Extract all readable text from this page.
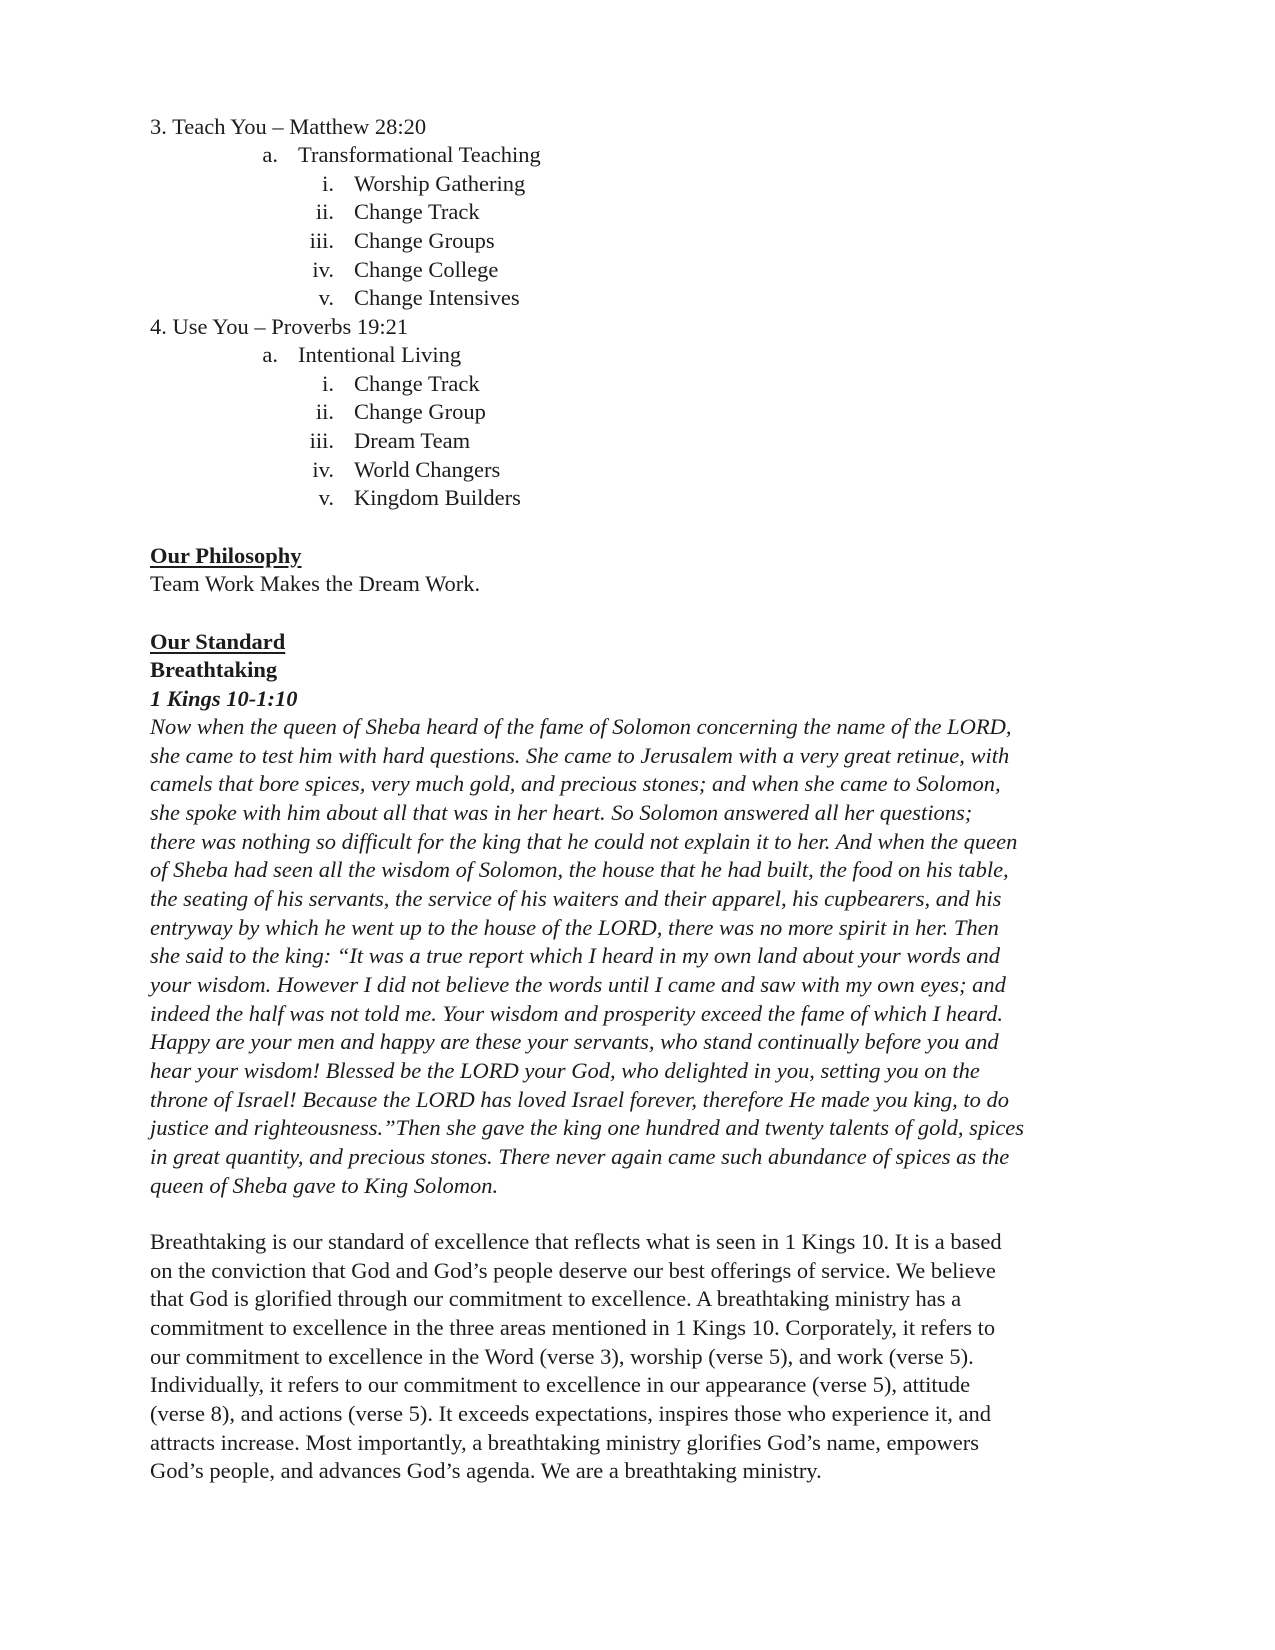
3. Teach You – Matthew 28:20
a. Transformational Teaching
i. Worship Gathering
ii. Change Track
iii. Change Groups
iv. Change College
v. Change Intensives
4. Use You – Proverbs 19:21
a. Intentional Living
i. Change Track
ii. Change Group
iii. Dream Team
iv. World Changers
v. Kingdom Builders
Our Philosophy
Team Work Makes the Dream Work.
Our Standard
Breathtaking
1 Kings 10-1:10
Now when the queen of Sheba heard of the fame of Solomon concerning the name of the LORD,
she came to test him with hard questions. She came to Jerusalem with a very great retinue, with
camels that bore spices, very much gold, and precious stones; and when she came to Solomon,
she spoke with him about all that was in her heart. So Solomon answered all her questions;
there was nothing so difficult for the king that he could not explain it to her. And when the queen
of Sheba had seen all the wisdom of Solomon, the house that he had built, the food on his table,
the seating of his servants, the service of his waiters and their apparel, his cupbearers, and his
entryway by which he went up to the house of the LORD, there was no more spirit in her. Then
she said to the king: “It was a true report which I heard in my own land about your words and
your wisdom. However I did not believe the words until I came and saw with my own eyes; and
indeed the half was not told me. Your wisdom and prosperity exceed the fame of which I heard.
Happy are your men and happy are these your servants, who stand continually before you and
hear your wisdom! Blessed be the LORD your God, who delighted in you, setting you on the
throne of Israel! Because the LORD has loved Israel forever, therefore He made you king, to do
justice and righteousness.”Then she gave the king one hundred and twenty talents of gold, spices
in great quantity, and precious stones. There never again came such abundance of spices as the
queen of Sheba gave to King Solomon.
Breathtaking is our standard of excellence that reflects what is seen in 1 Kings 10. It is a based
on the conviction that God and God’s people deserve our best offerings of service. We believe
that God is glorified through our commitment to excellence. A breathtaking ministry has a
commitment to excellence in the three areas mentioned in 1 Kings 10. Corporately, it refers to
our commitment to excellence in the Word (verse 3), worship (verse 5), and work (verse 5).
Individually, it refers to our commitment to excellence in our appearance (verse 5), attitude
(verse 8), and actions (verse 5). It exceeds expectations, inspires those who experience it, and
attracts increase. Most importantly, a breathtaking ministry glorifies God’s name, empowers
God’s people, and advances God’s agenda. We are a breathtaking ministry.
